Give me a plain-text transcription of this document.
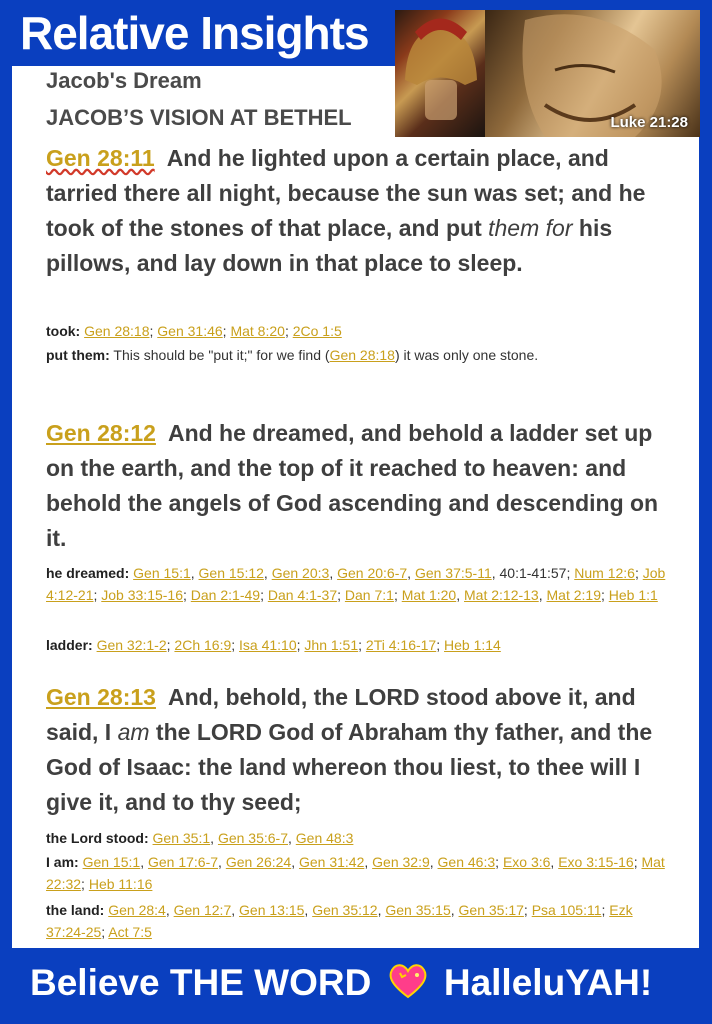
Relative Insights
Luke 21:28
Jacob's Dream
JACOB’S VISION AT BETHEL
Gen 28:11 And he lighted upon a certain place, and tarried there all night, because the sun was set; and he took of the stones of that place, and put them for his pillows, and lay down in that place to sleep.
took: Gen 28:18; Gen 31:46; Mat 8:20; 2Co 1:5
put them: This should be "put it;" for we find (Gen 28:18) it was only one stone.
Gen 28:12 And he dreamed, and behold a ladder set up on the earth, and the top of it reached to heaven: and behold the angels of God ascending and descending on it.
he dreamed: Gen 15:1, Gen 15:12, Gen 20:3, Gen 20:6-7, Gen 37:5-11, 40:1-41:57; Num 12:6; Job 4:12-21; Job 33:15-16; Dan 2:1-49; Dan 4:1-37; Dan 7:1; Mat 1:20, Mat 2:12-13, Mat 2:19; Heb 1:1
ladder: Gen 32:1-2; 2Ch 16:9; Isa 41:10; Jhn 1:51; 2Ti 4:16-17; Heb 1:14
Gen 28:13 And, behold, the LORD stood above it, and said, I am the LORD God of Abraham thy father, and the God of Isaac: the land whereon thou liest, to thee will I give it, and to thy seed;
the Lord stood: Gen 35:1, Gen 35:6-7, Gen 48:3
I am: Gen 15:1, Gen 17:6-7, Gen 26:24, Gen 31:42, Gen 32:9, Gen 46:3; Exo 3:6, Exo 3:15-16; Mat 22:32; Heb 11:16
the land: Gen 28:4, Gen 12:7, Gen 13:15, Gen 35:12, Gen 35:15, Gen 35:17; Psa 105:11; Ezk 37:24-25; Act 7:5
Believe THE WORD HalleluYAH!
